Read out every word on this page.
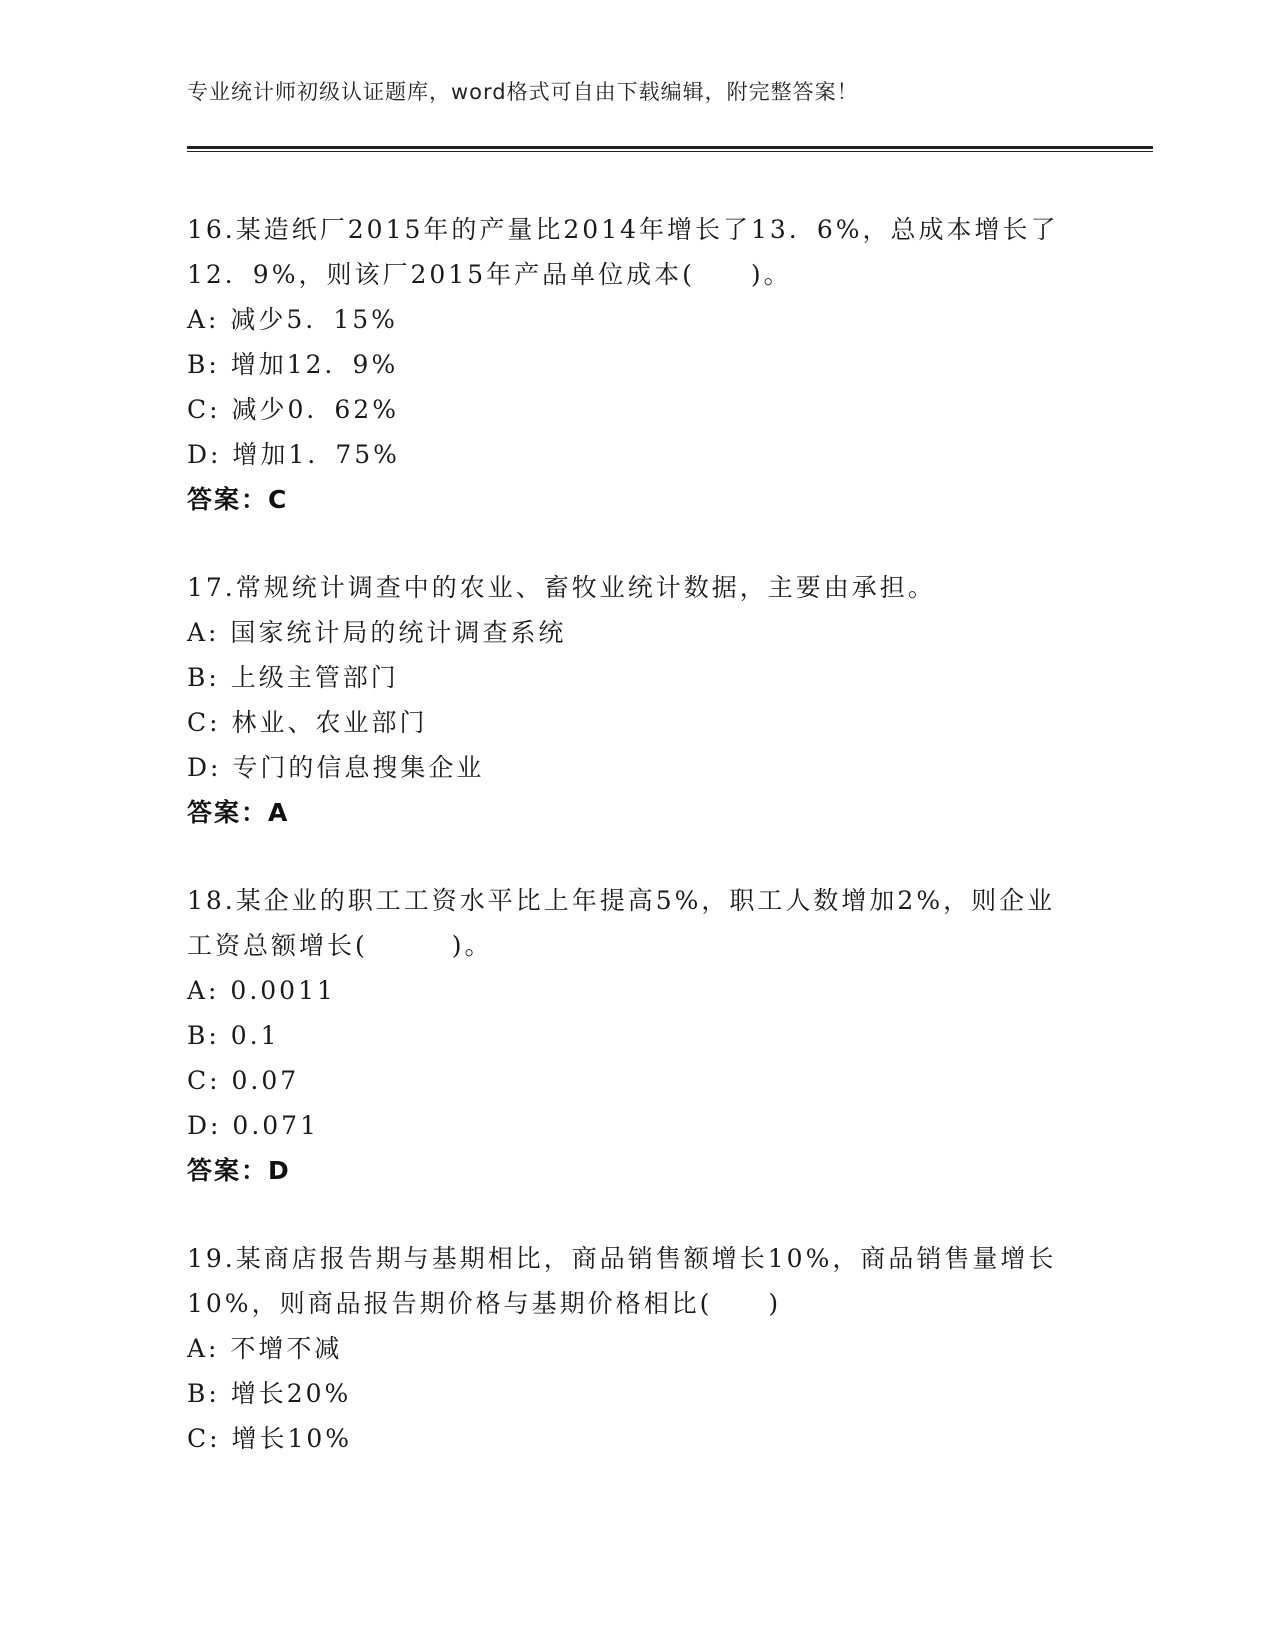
专业统计师初级认证题库，word格式可自由下载编辑，附完整答案！
16.某造纸厂2015年的产量比2014年增长了13．6%，总成本增长了
12．9%，则该厂2015年产品单位成本(　　)。
A: 减少5．15%
B: 增加12．9%
C: 减少0．62%
D: 增加1．75%
答案：C
17.常规统计调查中的农业、畜牧业统计数据，主要由承担。
A: 国家统计局的统计调查系统
B: 上级主管部门
C: 林业、农业部门
D: 专门的信息搜集企业
答案：A
18.某企业的职工工资水平比上年提高5%，职工人数增加2%，则企业
工资总额增长(　　　)。
A: 0.0011
B: 0.1
C: 0.07
D: 0.071
答案：D
19.某商店报告期与基期相比，商品销售额增长10%，商品销售量增长
10%，则商品报告期价格与基期价格相比(　　)
A: 不增不减
B: 增长20%
C: 增长10%
